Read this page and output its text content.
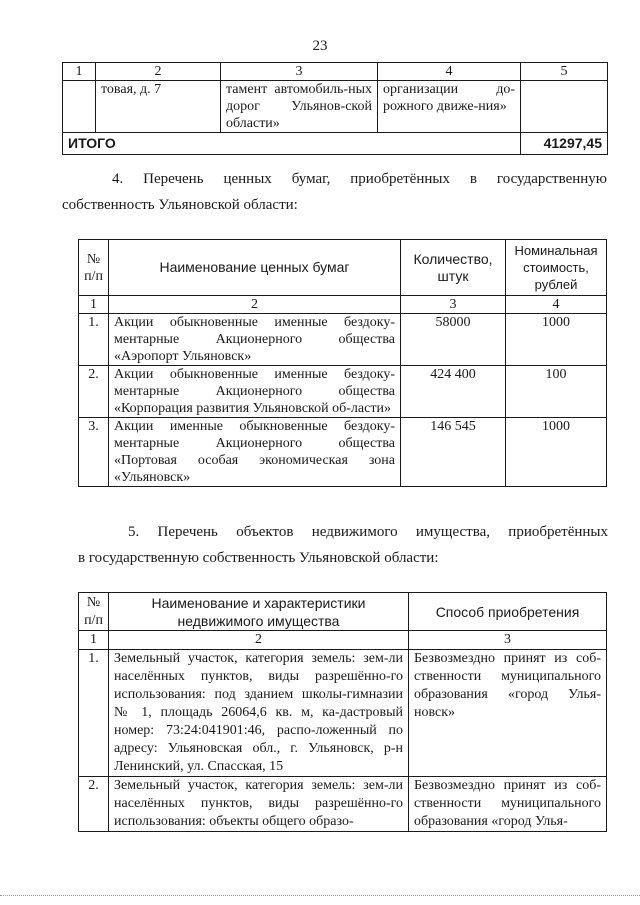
23
1	2	3	4	5
	товая, д. 7	тамент автомобиль-ных дорог Ульянов-ской области»	организации до-рожного движе-ния»	
ИТОГО				41297,45
4. Перечень ценных бумаг, приобретённых в государственную
собственность Ульяновской области:
№ п/п	Наименование ценных бумаг	Количество, штук	Номинальная стоимость, рублей
1	2	3	4
1.	Акции обыкновенные именные бездоку-ментарные Акционерного общества «Аэропорт Ульяновск»	58000	1000
2.	Акции обыкновенные именные бездоку-ментарные Акционерного общества «Корпорация развития Ульяновской об-ласти»	424 400	100
3.	Акции именные обыкновенные бездоку-ментарные Акционерного общества «Портовая особая экономическая зона «Ульяновск»	146 545	1000
5. Перечень объектов недвижимого имущества, приобретённых
в государственную собственность Ульяновской области:
№ п/п	Наименование и характеристики недвижимого имущества	Способ приобретения
1	2	3
1.	Земельный участок, категория земель: зем-ли населённых пунктов, виды разрешённо-го использования: под зданием школы-гимназии № 1, площадь 26064,6 кв. м, ка-дастровый номер: 73:24:041901:46, распо-ложенный по адресу: Ульяновская обл., г. Ульяновск, р-н Ленинский, ул. Спасская, 15	Безвозмездно принят из соб-ственности муниципального образования «город Улья-новск»
2.	Земельный участок, категория земель: зем-ли населённых пунктов, виды разрешённо-го использования: объекты общего образо-	Безвозмездно принят из соб-ственности муниципального образования «город Улья-
